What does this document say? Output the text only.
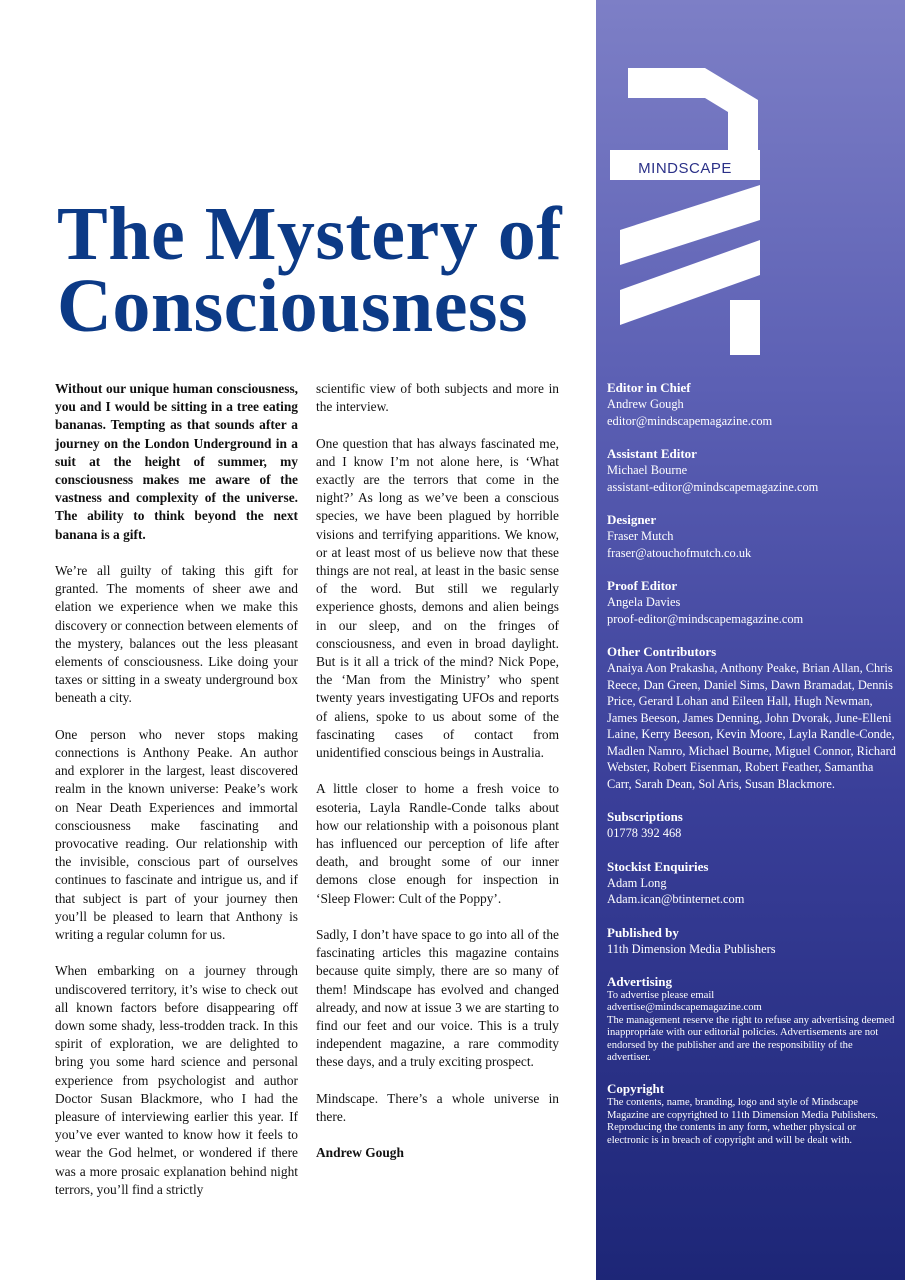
MINDSCAPE
The Mystery of
Consciousness

Without our unique human consciousness, you and I would be sitting in a tree eating bananas. Tempting as that sounds after a journey on the London Underground in a suit at the height of summer, my consciousness makes me aware of the vastness and complexity of the universe. The ability to think beyond the next banana is a gift.

We’re all guilty of taking this gift for granted. The moments of sheer awe and elation we experience when we make this discovery or connection between elements of the mystery, balances out the less pleasant elements of consciousness. Like doing your taxes or sitting in a sweaty underground box beneath a city.

One person who never stops making connections is Anthony Peake. An author and explorer in the largest, least discovered realm in the known universe: Peake’s work on Near Death Experiences and immortal consciousness make fascinating and provocative reading. Our relationship with the invisible, conscious part of ourselves continues to fascinate and intrigue us, and if that subject is part of your journey then you’ll be pleased to learn that Anthony is writing a regular column for us.

When embarking on a journey through undiscovered territory, it’s wise to check out all known factors before disappearing off down some shady, less-trodden track. In this spirit of exploration, we are delighted to bring you some hard science and personal experience from psychologist and author Doctor Susan Blackmore, who I had the pleasure of interviewing earlier this year. If you’ve ever wanted to know how it feels to wear the God helmet, or wondered if there was a more prosaic explanation behind night terrors, you’ll find a strictly

scientific view of both subjects and more in the interview.

One question that has always fascinated me, and I know I’m not alone here, is ‘What exactly are the terrors that come in the night?’ As long as we’ve been a conscious species, we have been plagued by horrible visions and terrifying apparitions. We know, or at least most of us believe now that these things are not real, at least in the basic sense of the word. But still we regularly experience ghosts, demons and alien beings in our sleep, and on the fringes of consciousness, and even in broad daylight. But is it all a trick of the mind? Nick Pope, the ‘Man from the Ministry’ who spent twenty years investigating UFOs and reports of aliens, spoke to us about some of the fascinating cases of contact from unidentified conscious beings in Australia.

A little closer to home a fresh voice to esoteria, Layla Randle-Conde talks about how our relationship with a poisonous plant has influenced our perception of life after death, and brought some of our inner demons close enough for inspection in ‘Sleep Flower: Cult of the Poppy’.

Sadly, I don’t have space to go into all of the fascinating articles this magazine contains because quite simply, there are so many of them! Mindscape has evolved and changed already, and now at issue 3 we are starting to find our feet and our voice. This is a truly independent magazine, a rare commodity these days, and a truly exciting prospect.

Mindscape. There’s a whole universe in there.

Andrew Gough

Editor in Chief
Andrew Gough
editor@mindscapemagazine.com
Assistant Editor
Michael Bourne
assistant-editor@mindscapemagazine.com
Designer
Fraser Mutch
fraser@atouchofmutch.co.uk
Proof Editor
Angela Davies
proof-editor@mindscapemagazine.com
Other Contributors
Anaiya Aon Prakasha, Anthony Peake, Brian Allan, Chris Reece, Dan Green, Daniel Sims, Dawn Bramadat, Dennis Price, Gerard Lohan and Eileen Hall, Hugh Newman, James Beeson, James Denning, John Dvorak, June-Elleni Laine, Kerry Beeson, Kevin Moore, Layla Randle-Conde, Madlen Namro, Michael Bourne, Miguel Connor, Richard Webster, Robert Eisenman, Robert Feather, Samantha Carr, Sarah Dean, Sol Aris, Susan Blackmore.
Subscriptions
01778 392 468
Stockist Enquiries
Adam Long
Adam.ican@btinternet.com
Published by
11th Dimension Media Publishers
Advertising
To advertise please email
advertise@mindscapemagazine.com
The management reserve the right to refuse any advertising deemed inappropriate with our editorial policies. Advertisements are not endorsed by the publisher and are the responsibility of the advertiser.
Copyright
The contents, name, branding, logo and style of Mindscape Magazine are copyrighted to 11th Dimension Media Publishers. Reproducing the contents in any form, whether physical or electronic is in breach of copyright and will be dealt with.
